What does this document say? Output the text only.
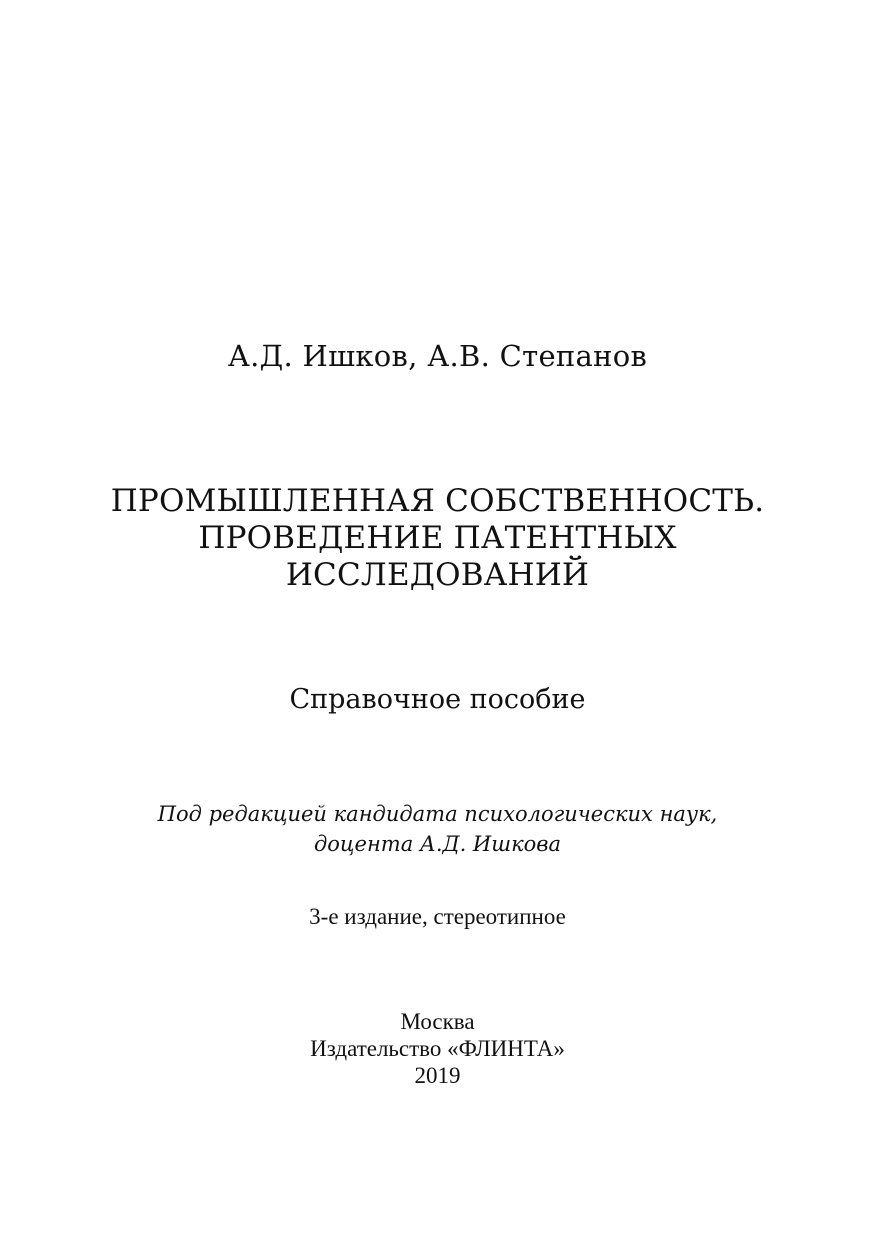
А.Д. Ишков, А.В. Степанов

ПРОМЫШЛЕННАЯ СОБСТВЕННОСТЬ.
ПРОВЕДЕНИЕ ПАТЕНТНЫХ
ИССЛЕДОВАНИЙ

Справочное пособие

Под редакцией кандидата психологических наук,
доцента А.Д. Ишкова

3-е издание, стереотипное

Москва
Издательство «ФЛИНТА»
2019
